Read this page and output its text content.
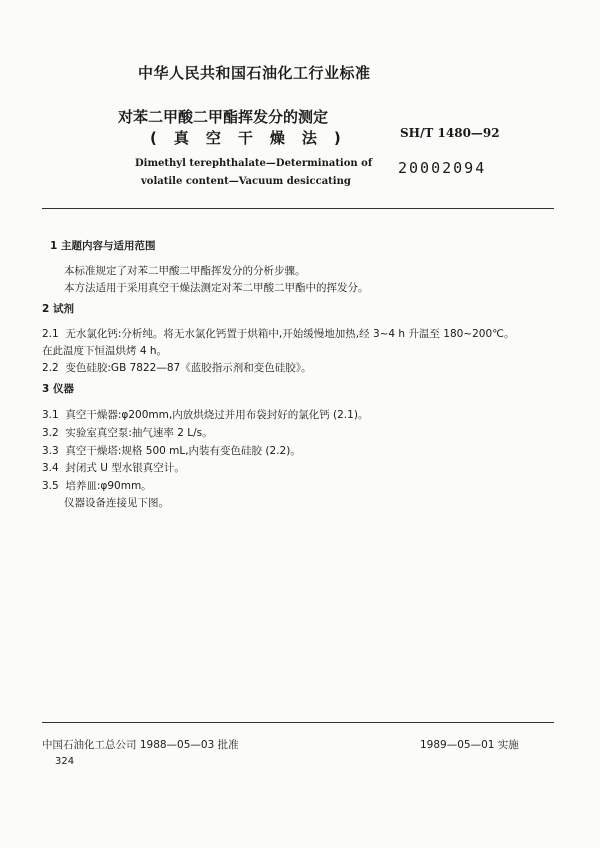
中华人民共和国石油化工行业标准
对苯二甲酸二甲酯挥发分的测定
(真空干燥法)	SH/T 1480—92
Dimethyl terephthalate—Determination of
volatile content—Vacuum desiccating
20002094
1 主题内容与适用范围
本标准规定了对苯二甲酸二甲酯挥发分的分析步骤。
本方法适用于采用真空干燥法测定对苯二甲酸二甲酯中的挥发分。
2 试剂
2.1 无水氯化钙:分析纯。将无水氯化钙置于烘箱中,开始缓慢地加热,经 3~4 h 升温至 180~200℃。
在此温度下恒温烘烤 4 h。
2.2 变色硅胶:GB 7822—87《蓝胶指示剂和变色硅胶》。
3 仪器
3.1 真空干燥器:φ200mm,内放烘烧过并用布袋封好的氯化钙 (2.1)。
3.2 实验室真空泵:抽气速率 2 L/s。
3.3 真空干燥塔:规格 500 mL,内装有变色硅胶 (2.2)。
3.4 封闭式 U 型水银真空计。
3.5 培养皿:φ90mm。
仪器设备连接见下图。
中国石油化工总公司 1988—05—03 批准	1989—05—01 实施
324
